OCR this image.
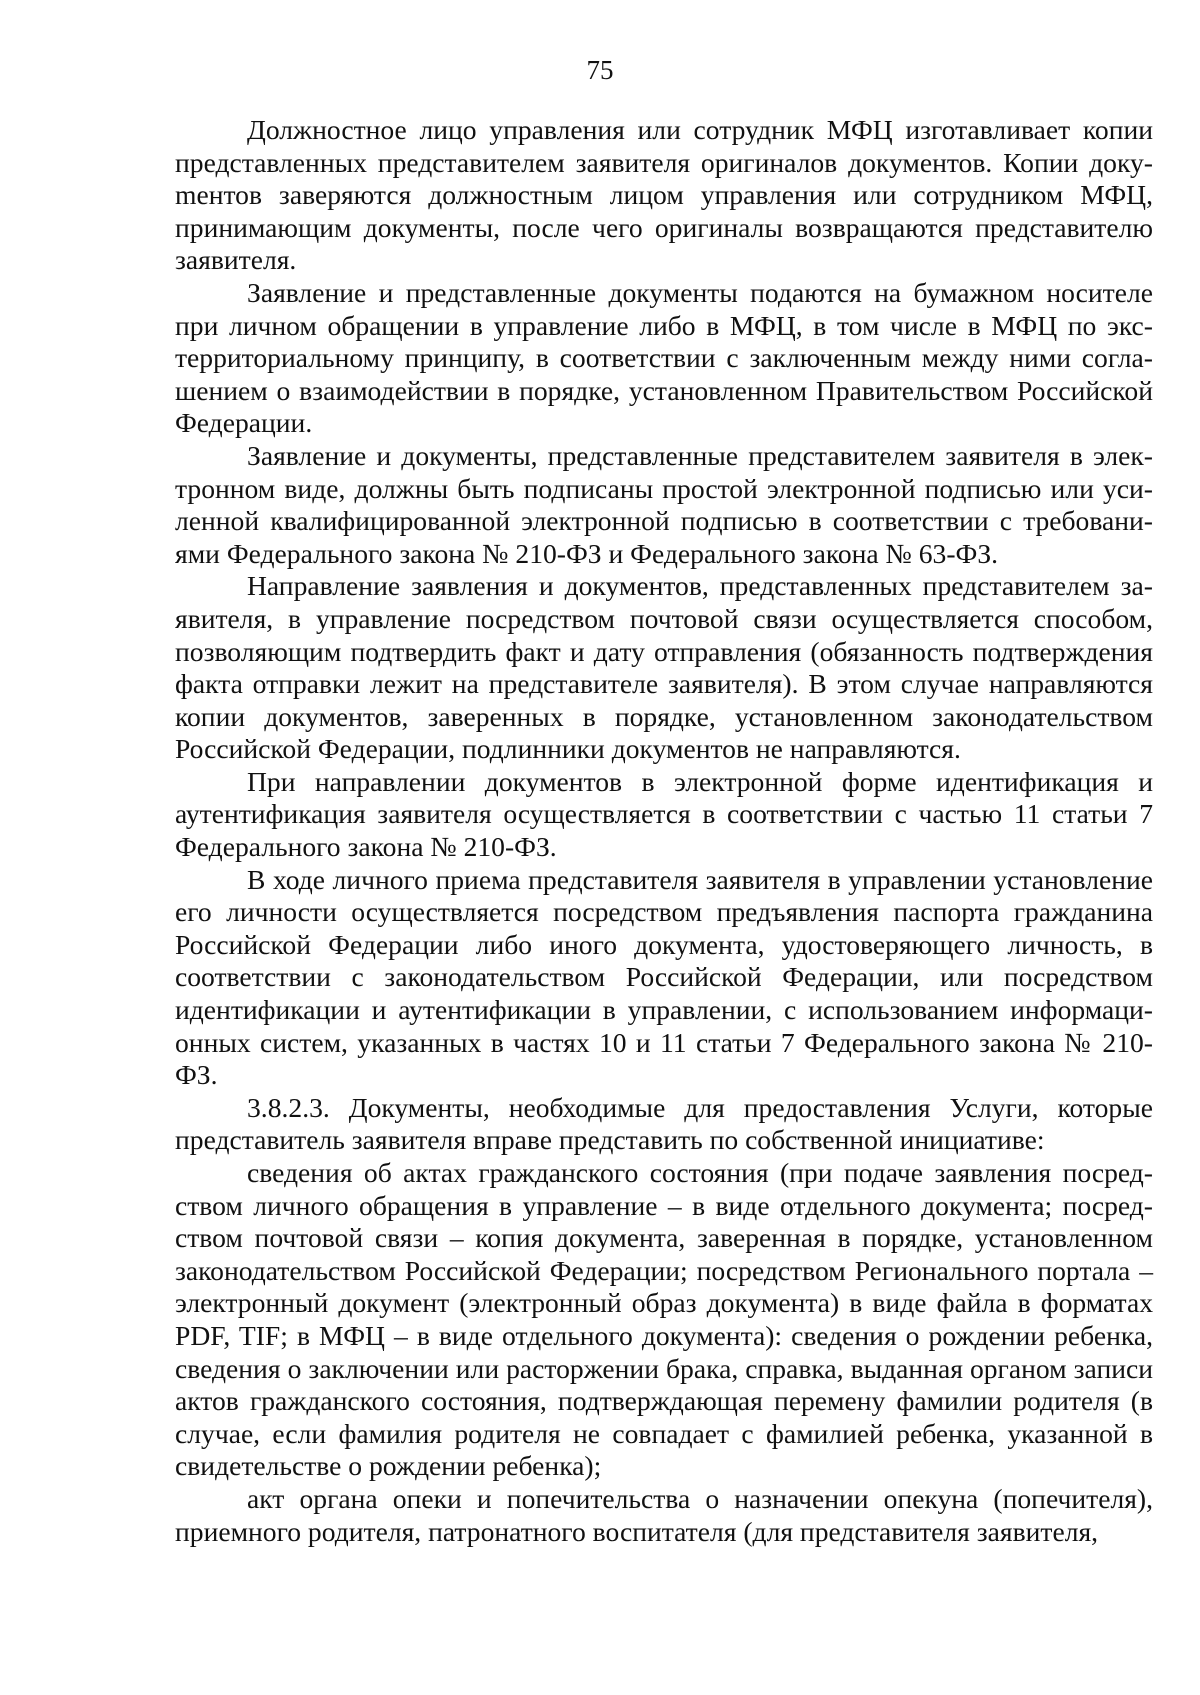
75

Должностное лицо управления или сотрудник МФЦ изготавливает копии представленных представителем заявителя оригиналов документов. Копии докуmентов заверяются должностным лицом управления или сотрудником МФЦ, принимающим документы, после чего оригиналы возвращаются представителю заявителя.

Заявление и представленные документы подаются на бумажном носителе при личном обращении в управление либо в МФЦ, в том числе в МФЦ по экстерриториальному принципу, в соответствии с заключенным между ними соглашением о взаимодействии в порядке, установленном Правительством Российской Федерации.

Заявление и документы, представленные представителем заявителя в электронном виде, должны быть подписаны простой электронной подписью или усиленной квалифицированной электронной подписью в соответствии с требованиями Федерального закона № 210-ФЗ и Федерального закона № 63-ФЗ.

Направление заявления и документов, представленных представителем заявителя, в управление посредством почтовой связи осуществляется способом, позволяющим подтвердить факт и дату отправления (обязанность подтверждения факта отправки лежит на представителе заявителя). В этом случае направляются копии документов, заверенных в порядке, установленном законодательством Российской Федерации, подлинники документов не направляются.

При направлении документов в электронной форме идентификация и аутентификация заявителя осуществляется в соответствии с частью 11 статьи 7 Федерального закона № 210-ФЗ.

В ходе личного приема представителя заявителя в управлении установление его личности осуществляется посредством предъявления паспорта гражданина Российской Федерации либо иного документа, удостоверяющего личность, в соответствии с законодательством Российской Федерации, или посредством идентификации и аутентификации в управлении, с использованием информационных систем, указанных в частях 10 и 11 статьи 7 Федерального закона № 210-ФЗ.

3.8.2.3. Документы, необходимые для предоставления Услуги, которые представитель заявителя вправе представить по собственной инициативе:

сведения об актах гражданского состояния (при подаче заявления посредством личного обращения в управление – в виде отдельного документа; посредством почтовой связи – копия документа, заверенная в порядке, установленном законодательством Российской Федерации; посредством Регионального портала – электронный документ (электронный образ документа) в виде файла в форматах PDF, TIF; в МФЦ – в виде отдельного документа): сведения о рождении ребенка, сведения о заключении или расторжении брака, справка, выданная органом записи актов гражданского состояния, подтверждающая перемену фамилии родителя (в случае, если фамилия родителя не совпадает с фамилией ребенка, указанной в свидетельстве о рождении ребенка);

акт органа опеки и попечительства о назначении опекуна (попечителя), приемного родителя, патронатного воспитателя (для представителя заявителя,
